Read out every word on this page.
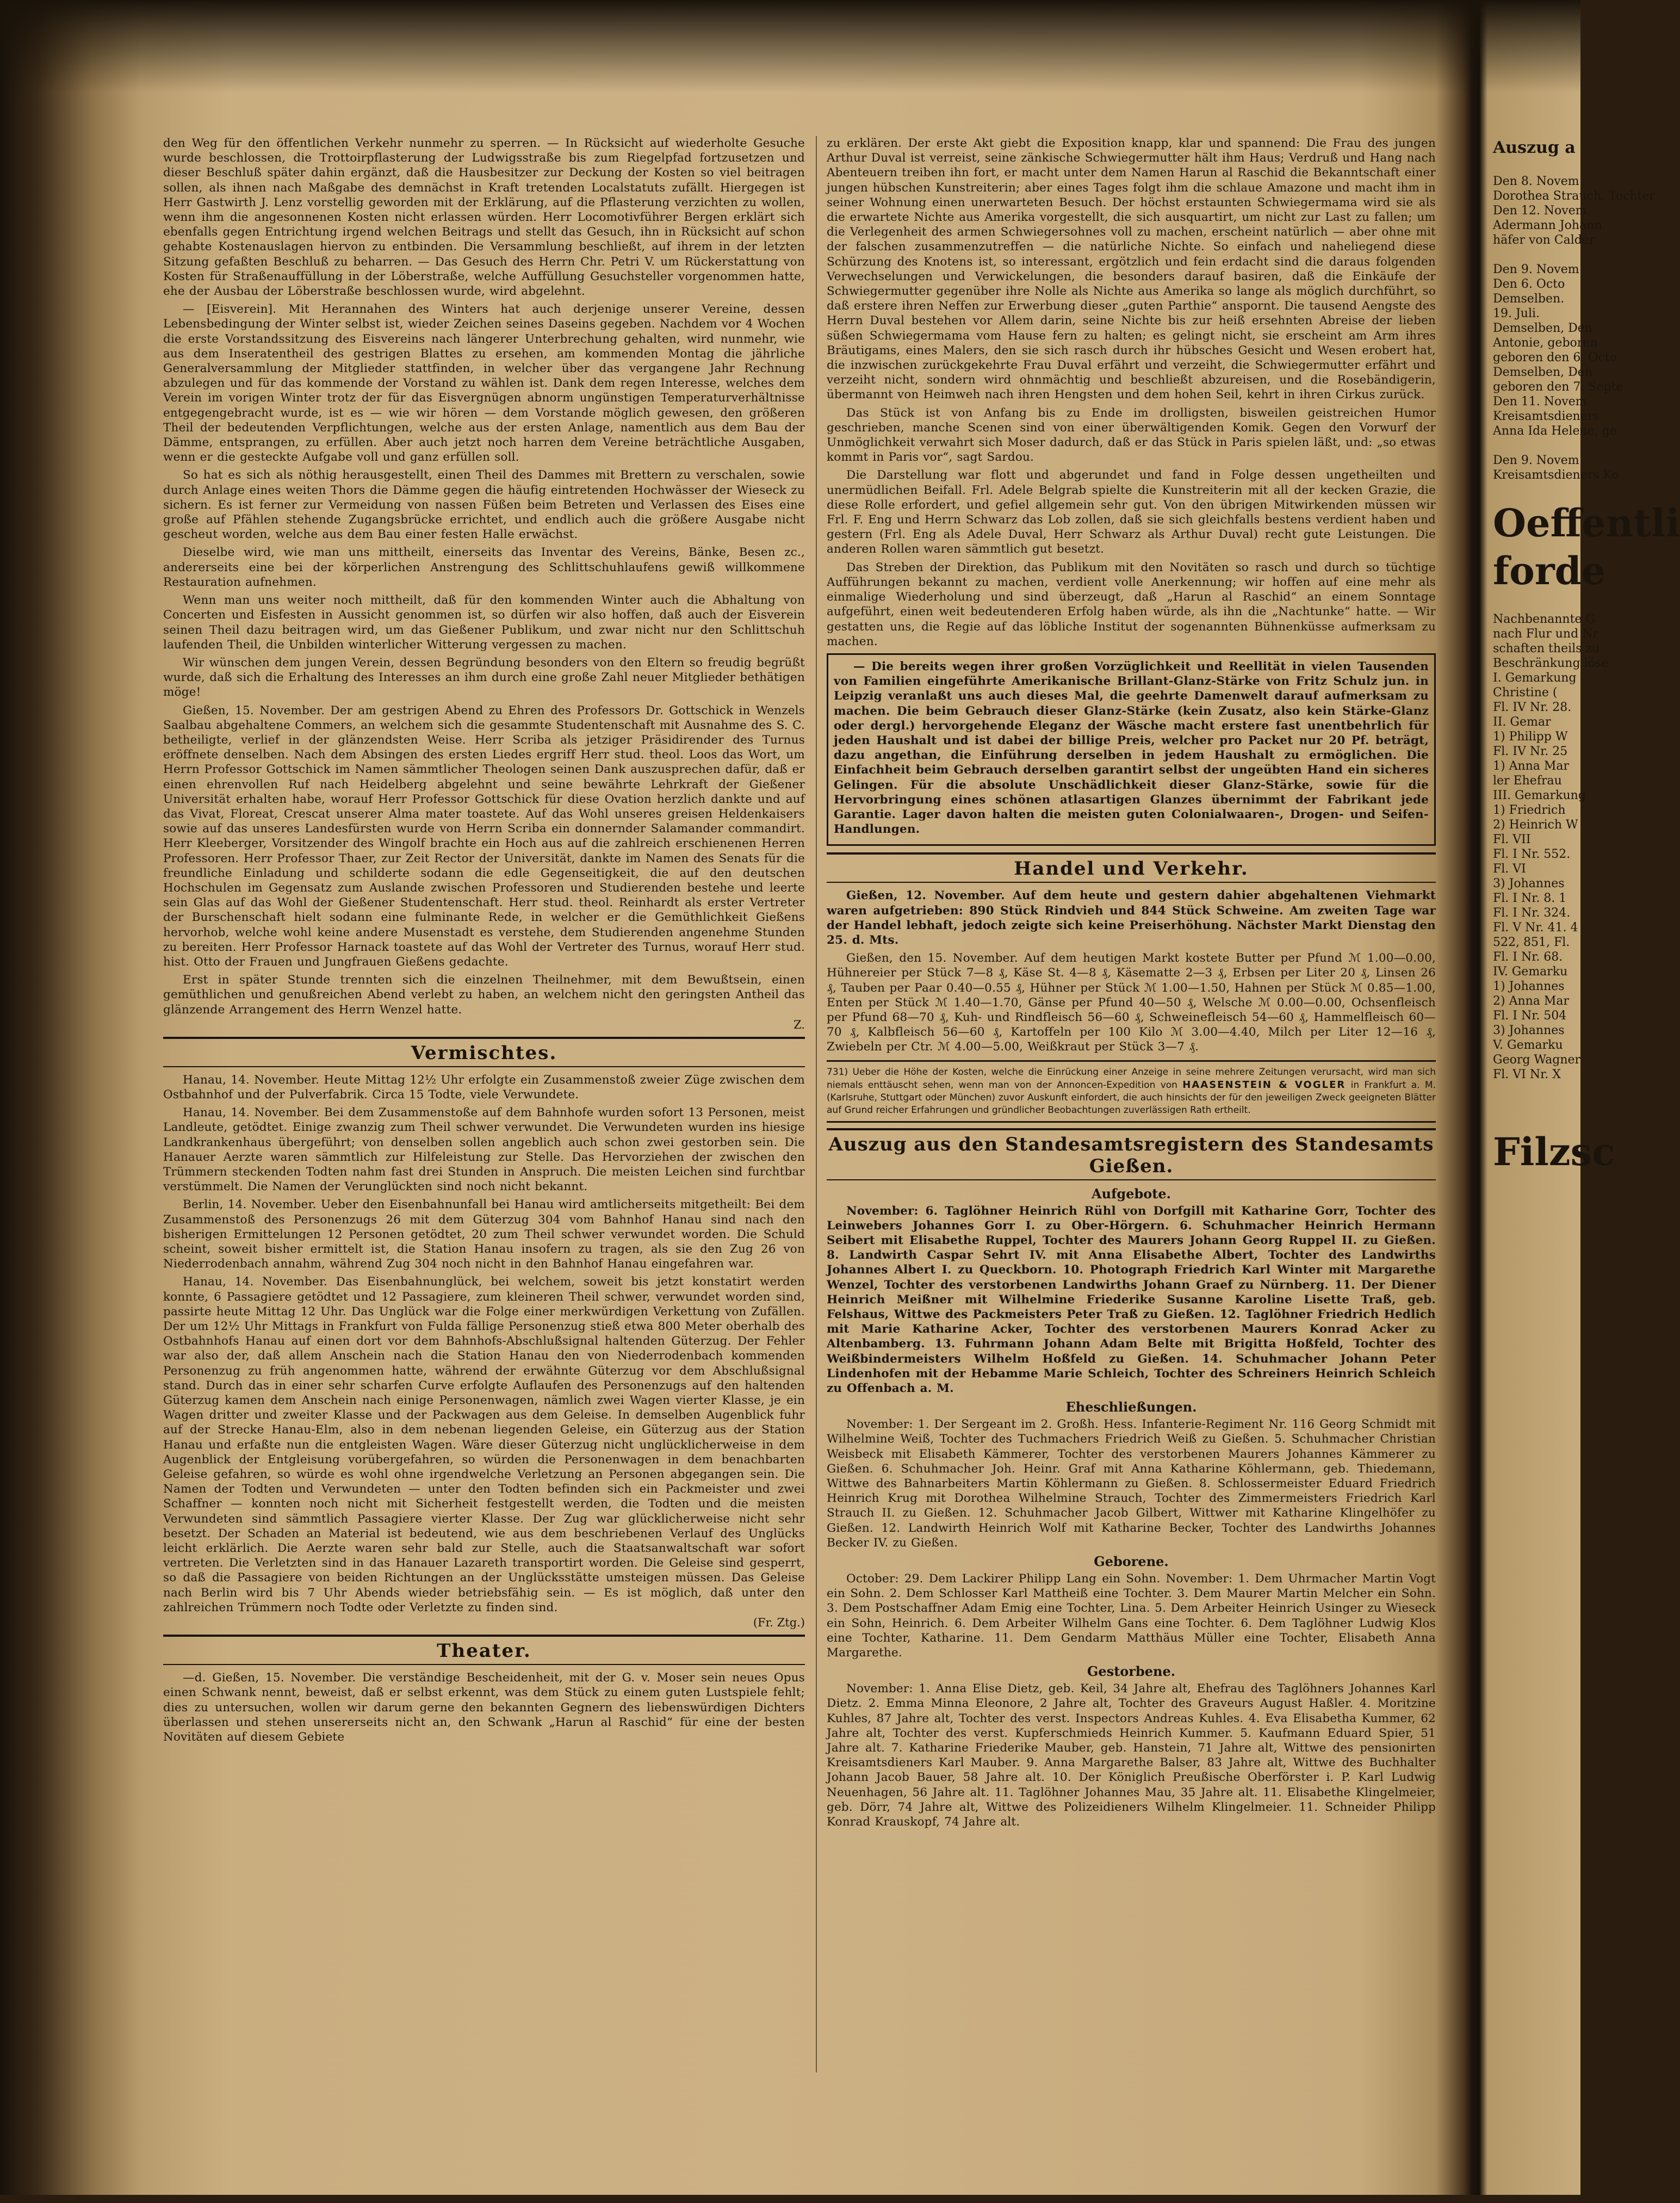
den Weg für den öffentlichen Verkehr nunmehr zu sperren. — In Rücksicht auf wiederholte Gesuche wurde beschlossen, die Trottoirpflasterung der Ludwigsstraße bis zum Riegelpfad fortzusetzen und dieser Beschluß später dahin ergänzt, daß die Hausbesitzer zur Deckung der Kosten so viel beitragen sollen, als ihnen nach Maßgabe des demnächst in Kraft tretenden Localstatuts zufällt. Hiergegen ist Herr Gastwirth J. Lenz vorstellig geworden mit der Erklärung, auf die Pflasterung verzichten zu wollen, wenn ihm die angesonnenen Kosten nicht erlassen würden. Herr Locomotivführer Bergen erklärt sich ebenfalls gegen Entrichtung irgend welchen Beitrags und stellt das Gesuch, ihn in Rücksicht auf schon gehabte Kostenauslagen hiervon zu entbinden. Die Versammlung beschließt, auf ihrem in der letzten Sitzung gefaßten Beschluß zu beharren. — Das Gesuch des Herrn Chr. Petri V. um Rückerstattung von Kosten für Straßenauffüllung in der Löberstraße, welche Auffüllung Gesuchsteller vorgenommen hatte, ehe der Ausbau der Löberstraße beschlossen wurde, wird abgelehnt.

— [Eisverein]. Mit Herannahen des Winters hat auch derjenige unserer Vereine, dessen Lebensbedingung der Winter selbst ist, wieder Zeichen seines Daseins gegeben. Nachdem vor 4 Wochen die erste Vorstandssitzung des Eisvereins nach längerer Unterbrechung gehalten, wird nunmehr, wie aus dem Inseratentheil des gestrigen Blattes zu ersehen, am kommenden Montag die jährliche Generalversammlung der Mitglieder stattfinden, in welcher über das vergangene Jahr Rechnung abzulegen und für das kommende der Vorstand zu wählen ist. Dank dem regen Interesse, welches dem Verein im vorigen Winter trotz der für das Eisvergnügen abnorm ungünstigen Temperaturverhältnisse entgegengebracht wurde, ist es — wie wir hören — dem Vorstande möglich gewesen, den größeren Theil der bedeutenden Verpflichtungen, welche aus der ersten Anlage, namentlich aus dem Bau der Dämme, entsprangen, zu erfüllen. Aber auch jetzt noch harren dem Vereine beträchtliche Ausgaben, wenn er die gesteckte Aufgabe voll und ganz erfüllen soll.

So hat es sich als nöthig herausgestellt, einen Theil des Dammes mit Brettern zu verschalen, sowie durch Anlage eines weiten Thors die Dämme gegen die häufig eintretenden Hochwässer der Wieseck zu sichern. Es ist ferner zur Vermeidung von nassen Füßen beim Betreten und Verlassen des Eises eine große auf Pfählen stehende Zugangsbrücke errichtet, und endlich auch die größere Ausgabe nicht gescheut worden, welche aus dem Bau einer festen Halle erwächst.

Dieselbe wird, wie man uns mittheilt, einerseits das Inventar des Vereins, Bänke, Besen zc., andererseits eine bei der körperlichen Anstrengung des Schlittschuhlaufens gewiß willkommene Restauration aufnehmen.

Wenn man uns weiter noch mittheilt, daß für den kommenden Winter auch die Abhaltung von Concerten und Eisfesten in Aussicht genommen ist, so dürfen wir also hoffen, daß auch der Eisverein seinen Theil dazu beitragen wird, um das Gießener Publikum, und zwar nicht nur den Schlittschuh laufenden Theil, die Unbilden winterlicher Witterung vergessen zu machen.

Wir wünschen dem jungen Verein, dessen Begründung besonders von den Eltern so freudig begrüßt wurde, daß sich die Erhaltung des Interesses an ihm durch eine große Zahl neuer Mitglieder bethätigen möge!

Gießen, 15. November. Der am gestrigen Abend zu Ehren des Professors Dr. Gottschick in Wenzels Saalbau abgehaltene Commers, an welchem sich die gesammte Studentenschaft mit Ausnahme des S. C. betheiligte, verlief in der glänzendsten Weise. Herr Scriba als jetziger Präsidirender des Turnus eröffnete denselben. Nach dem Absingen des ersten Liedes ergriff Herr stud. theol. Loos das Wort, um Herrn Professor Gottschick im Namen sämmtlicher Theologen seinen Dank auszusprechen dafür, daß er einen ehrenvollen Ruf nach Heidelberg abgelehnt und seine bewährte Lehrkraft der Gießener Universität erhalten habe, worauf Herr Professor Gottschick für diese Ovation herzlich dankte und auf das Vivat, Floreat, Crescat unserer Alma mater toastete. Auf das Wohl unseres greisen Heldenkaisers sowie auf das unseres Landesfürsten wurde von Herrn Scriba ein donnernder Salamander commandirt. Herr Kleeberger, Vorsitzender des Wingolf brachte ein Hoch aus auf die zahlreich erschienenen Herren Professoren. Herr Professor Thaer, zur Zeit Rector der Universität, dankte im Namen des Senats für die freundliche Einladung und schilderte sodann die edle Gegenseitigkeit, die auf den deutschen Hochschulen im Gegensatz zum Auslande zwischen Professoren und Studierenden bestehe und leerte sein Glas auf das Wohl der Gießener Studentenschaft. Herr stud. theol. Reinhardt als erster Vertreter der Burschenschaft hielt sodann eine fulminante Rede, in welcher er die Gemüthlichkeit Gießens hervorhob, welche wohl keine andere Musenstadt es verstehe, dem Studierenden angenehme Stunden zu bereiten. Herr Professor Harnack toastete auf das Wohl der Vertreter des Turnus, worauf Herr stud. hist. Otto der Frauen und Jungfrauen Gießens gedachte.

Erst in später Stunde trennten sich die einzelnen Theilnehmer, mit dem Bewußtsein, einen gemüthlichen und genußreichen Abend verlebt zu haben, an welchem nicht den geringsten Antheil das glänzende Arrangement des Herrn Wenzel hatte.

Z.
Vermischtes.

Hanau, 14. November. Heute Mittag 12½ Uhr erfolgte ein Zusammenstoß zweier Züge zwischen dem Ostbahnhof und der Pulverfabrik. Circa 15 Todte, viele Verwundete.

Hanau, 14. November. Bei dem Zusammenstoße auf dem Bahnhofe wurden sofort 13 Personen, meist Landleute, getödtet. Einige zwanzig zum Theil schwer verwundet. Die Verwundeten wurden ins hiesige Landkrankenhaus übergeführt; von denselben sollen angeblich auch schon zwei gestorben sein. Die Hanauer Aerzte waren sämmtlich zur Hilfeleistung zur Stelle. Das Hervorziehen der zwischen den Trümmern steckenden Todten nahm fast drei Stunden in Anspruch. Die meisten Leichen sind furchtbar verstümmelt. Die Namen der Verunglückten sind noch nicht bekannt.

Berlin, 14. November. Ueber den Eisenbahnunfall bei Hanau wird amtlicherseits mitgetheilt: Bei dem Zusammenstoß des Personenzugs 26 mit dem Güterzug 304 vom Bahnhof Hanau sind nach den bisherigen Ermittelungen 12 Personen getödtet, 20 zum Theil schwer verwundet worden. Die Schuld scheint, soweit bisher ermittelt ist, die Station Hanau insofern zu tragen, als sie den Zug 26 von Niederrodenbach annahm, während Zug 304 noch nicht in den Bahnhof Hanau eingefahren war.

Hanau, 14. November. Das Eisenbahnunglück, bei welchem, soweit bis jetzt konstatirt werden konnte, 6 Passagiere getödtet und 12 Passagiere, zum kleineren Theil schwer, verwundet worden sind, passirte heute Mittag 12 Uhr. Das Unglück war die Folge einer merkwürdigen Verkettung von Zufällen. Der um 12½ Uhr Mittags in Frankfurt von Fulda fällige Personenzug stieß etwa 800 Meter oberhalb des Ostbahnhofs Hanau auf einen dort vor dem Bahnhofs-Abschlußsignal haltenden Güterzug. Der Fehler war also der, daß allem Anschein nach die Station Hanau den von Niederrodenbach kommenden Personenzug zu früh angenommen hatte, während der erwähnte Güterzug vor dem Abschlußsignal stand. Durch das in einer sehr scharfen Curve erfolgte Auflaufen des Personenzugs auf den haltenden Güterzug kamen dem Anschein nach einige Personenwagen, nämlich zwei Wagen vierter Klasse, je ein Wagen dritter und zweiter Klasse und der Packwagen aus dem Geleise. In demselben Augenblick fuhr auf der Strecke Hanau-Elm, also in dem nebenan liegenden Geleise, ein Güterzug aus der Station Hanau und erfaßte nun die entgleisten Wagen. Wäre dieser Güterzug nicht unglücklicherweise in dem Augenblick der Entgleisung vorübergefahren, so würden die Personenwagen in dem benachbarten Geleise gefahren, so würde es wohl ohne irgendwelche Verletzung an Personen abgegangen sein. Die Namen der Todten und Verwundeten — unter den Todten befinden sich ein Packmeister und zwei Schaffner — konnten noch nicht mit Sicherheit festgestellt werden, die Todten und die meisten Verwundeten sind sämmtlich Passagiere vierter Klasse. Der Zug war glücklicherweise nicht sehr besetzt. Der Schaden an Material ist bedeutend, wie aus dem beschriebenen Verlauf des Unglücks leicht erklärlich. Die Aerzte waren sehr bald zur Stelle, auch die Staatsanwaltschaft war sofort vertreten. Die Verletzten sind in das Hanauer Lazareth transportirt worden. Die Geleise sind gesperrt, so daß die Passagiere von beiden Richtungen an der Unglücksstätte umsteigen müssen. Das Geleise nach Berlin wird bis 7 Uhr Abends wieder betriebsfähig sein. — Es ist möglich, daß unter den zahlreichen Trümmern noch Todte oder Verletzte zu finden sind.

(Fr. Ztg.)
Theater.

—d. Gießen, 15. November. Die verständige Bescheidenheit, mit der G. v. Moser sein neues Opus einen Schwank nennt, beweist, daß er selbst erkennt, was dem Stück zu einem guten Lustspiele fehlt; dies zu untersuchen, wollen wir darum gerne den bekannten Gegnern des liebenswürdigen Dichters überlassen und stehen unsererseits nicht an, den Schwank „Harun al Raschid“ für eine der besten Novitäten auf diesem Gebiete

zu erklären. Der erste Akt giebt die Exposition knapp, klar und spannend: Die Frau des jungen Arthur Duval ist verreist, seine zänkische Schwiegermutter hält ihm Haus; Verdruß und Hang nach Abenteuern treiben ihn fort, er macht unter dem Namen Harun al Raschid die Bekanntschaft einer jungen hübschen Kunstreiterin; aber eines Tages folgt ihm die schlaue Amazone und macht ihm in seiner Wohnung einen unerwarteten Besuch. Der höchst erstaunten Schwiegermama wird sie als die erwartete Nichte aus Amerika vorgestellt, die sich ausquartirt, um nicht zur Last zu fallen; um die Verlegenheit des armen Schwiegersohnes voll zu machen, erscheint natürlich — aber ohne mit der falschen zusammenzutreffen — die natürliche Nichte. So einfach und naheliegend diese Schürzung des Knotens ist, so interessant, ergötzlich und fein erdacht sind die daraus folgenden Verwechselungen und Verwickelungen, die besonders darauf basiren, daß die Einkäufe der Schwiegermutter gegenüber ihre Nolle als Nichte aus Amerika so lange als möglich durchführt, so daß erstere ihren Neffen zur Erwerbung dieser „guten Parthie“ anspornt. Die tausend Aengste des Herrn Duval bestehen vor Allem darin, seine Nichte bis zur heiß ersehnten Abreise der lieben süßen Schwiegermama vom Hause fern zu halten; es gelingt nicht, sie erscheint am Arm ihres Bräutigams, eines Malers, den sie sich rasch durch ihr hübsches Gesicht und Wesen erobert hat, die inzwischen zurückgekehrte Frau Duval erfährt und verzeiht, die Schwiegermutter erfährt und verzeiht nicht, sondern wird ohnmächtig und beschließt abzureisen, und die Rosebändigerin, übermannt von Heimweh nach ihren Hengsten und dem hohen Seil, kehrt in ihren Cirkus zurück.

Das Stück ist von Anfang bis zu Ende im drolligsten, bisweilen geistreichen Humor geschrieben, manche Scenen sind von einer überwältigenden Komik. Gegen den Vorwurf der Unmöglichkeit verwahrt sich Moser dadurch, daß er das Stück in Paris spielen läßt, und: „so etwas kommt in Paris vor“, sagt Sardou.

Die Darstellung war flott und abgerundet und fand in Folge dessen ungetheilten und unermüdlichen Beifall. Frl. Adele Belgrab spielte die Kunstreiterin mit all der kecken Grazie, die diese Rolle erfordert, und gefiel allgemein sehr gut. Von den übrigen Mitwirkenden müssen wir Frl. F. Eng und Herrn Schwarz das Lob zollen, daß sie sich gleichfalls bestens verdient haben und gestern (Frl. Eng als Adele Duval, Herr Schwarz als Arthur Duval) recht gute Leistungen. Die anderen Rollen waren sämmtlich gut besetzt.

Das Streben der Direktion, das Publikum mit den Novitäten so rasch und durch so tüchtige Aufführungen bekannt zu machen, verdient volle Anerkennung; wir hoffen auf eine mehr als einmalige Wiederholung und sind überzeugt, daß „Harun al Raschid“ an einem Sonntage aufgeführt, einen weit bedeutenderen Erfolg haben würde, als ihn die „Nachtunke“ hatte. — Wir gestatten uns, die Regie auf das löbliche Institut der sogenannten Bühnenküsse aufmerksam zu machen.

— Die bereits wegen ihrer großen Vorzüglichkeit und Reellität in vielen Tausenden von Familien eingeführte Amerikanische Brillant-Glanz-Stärke von Fritz Schulz jun. in Leipzig veranlaßt uns auch dieses Mal, die geehrte Damenwelt darauf aufmerksam zu machen. Die beim Gebrauch dieser Glanz-Stärke (kein Zusatz, also kein Stärke-Glanz oder dergl.) hervorgehende Eleganz der Wäsche macht erstere fast unentbehrlich für jeden Haushalt und ist dabei der billige Preis, welcher pro Packet nur 20 Pf. beträgt, dazu angethan, die Einführung derselben in jedem Haushalt zu ermöglichen. Die Einfachheit beim Gebrauch derselben garantirt selbst der ungeübten Hand ein sicheres Gelingen. Für die absolute Unschädlichkeit dieser Glanz-Stärke, sowie für die Hervorbringung eines schönen atlasartigen Glanzes übernimmt der Fabrikant jede Garantie. Lager davon halten die meisten guten Colonialwaaren-, Drogen- und Seifen-Handlungen.

Handel und Verkehr.

Gießen, 12. November. Auf dem heute und gestern dahier abgehaltenen Viehmarkt waren aufgetrieben: 890 Stück Rindvieh und 844 Stück Schweine. Am zweiten Tage war der Handel lebhaft, jedoch zeigte sich keine Preiserhöhung. Nächster Markt Dienstag den 25. d. Mts.

Gießen, den 15. November. Auf dem heutigen Markt kostete Butter per Pfund ℳ 1.00—0.00, Hühnereier per Stück 7—8 ₰, Käse St. 4—8 ₰, Käsematte 2—3 ₰, Erbsen per Liter 20 ₰, Linsen 26 ₰, Tauben per Paar 0.40—0.55 ₰, Hühner per Stück ℳ 1.00—1.50, Hahnen per Stück ℳ 0.85—1.00, Enten per Stück ℳ 1.40—1.70, Gänse per Pfund 40—50 ₰, Welsche ℳ 0.00—0.00, Ochsenfleisch per Pfund 68—70 ₰, Kuh- und Rindfleisch 56—60 ₰, Schweinefleisch 54—60 ₰, Hammelfleisch 60—70 ₰, Kalbfleisch 56—60 ₰, Kartoffeln per 100 Kilo ℳ 3.00—4.40, Milch per Liter 12—16 ₰, Zwiebeln per Ctr. ℳ 4.00—5.00, Weißkraut per Stück 3—7 ₰.

731) Ueber die Höhe der Kosten, welche die Einrückung einer Anzeige in seine mehrere Zeitungen verursacht, wird man sich niemals enttäuscht sehen, wenn man von der Annoncen-Expedition von HAASENSTEIN & VOGLER in Frankfurt a. M. (Karlsruhe, Stuttgart oder München) zuvor Auskunft einfordert, die auch hinsichts der für den jeweiligen Zweck geeigneten Blätter auf Grund reicher Erfahrungen und gründlicher Beobachtungen zuverlässigen Rath ertheilt.
Auszug aus den Standesamtsregistern des Standesamts Gießen.
Aufgebote.

November: 6. Taglöhner Heinrich Rühl von Dorfgill mit Katharine Gorr, Tochter des Leinwebers Johannes Gorr I. zu Ober-Hörgern. 6. Schuhmacher Heinrich Hermann Seibert mit Elisabethe Ruppel, Tochter des Maurers Johann Georg Ruppel II. zu Gießen. 8. Landwirth Caspar Sehrt IV. mit Anna Elisabethe Albert, Tochter des Landwirths Johannes Albert I. zu Queckborn. 10. Photograph Friedrich Karl Winter mit Margarethe Wenzel, Tochter des verstorbenen Landwirths Johann Graef zu Nürnberg. 11. Der Diener Heinrich Meißner mit Wilhelmine Friederike Susanne Karoline Lisette Traß, geb. Felshaus, Wittwe des Packmeisters Peter Traß zu Gießen. 12. Taglöhner Friedrich Hedlich mit Marie Katharine Acker, Tochter des verstorbenen Maurers Konrad Acker zu Altenbamberg. 13. Fuhrmann Johann Adam Belte mit Brigitta Hoßfeld, Tochter des Weißbindermeisters Wilhelm Hoßfeld zu Gießen. 14. Schuhmacher Johann Peter Lindenhofen mit der Hebamme Marie Schleich, Tochter des Schreiners Heinrich Schleich zu Offenbach a. M.

Eheschließungen.

November: 1. Der Sergeant im 2. Großh. Hess. Infanterie-Regiment Nr. 116 Georg Schmidt mit Wilhelmine Weiß, Tochter des Tuchmachers Friedrich Weiß zu Gießen. 5. Schuhmacher Christian Weisbeck mit Elisabeth Kämmerer, Tochter des verstorbenen Maurers Johannes Kämmerer zu Gießen. 6. Schuhmacher Joh. Heinr. Graf mit Anna Katharine Köhlermann, geb. Thiedemann, Wittwe des Bahnarbeiters Martin Köhlermann zu Gießen. 8. Schlossermeister Eduard Friedrich Heinrich Krug mit Dorothea Wilhelmine Strauch, Tochter des Zimmermeisters Friedrich Karl Strauch II. zu Gießen. 12. Schuhmacher Jacob Gilbert, Wittwer mit Katharine Klingelhöfer zu Gießen. 12. Landwirth Heinrich Wolf mit Katharine Becker, Tochter des Landwirths Johannes Becker IV. zu Gießen.

Geborene.

October: 29. Dem Lackirer Philipp Lang ein Sohn. November: 1. Dem Uhrmacher Martin Vogt ein Sohn. 2. Dem Schlosser Karl Mattheiß eine Tochter. 3. Dem Maurer Martin Melcher ein Sohn. 3. Dem Postschaffner Adam Emig eine Tochter, Lina. 5. Dem Arbeiter Heinrich Usinger zu Wieseck ein Sohn, Heinrich. 6. Dem Arbeiter Wilhelm Gans eine Tochter. 6. Dem Taglöhner Ludwig Klos eine Tochter, Katharine. 11. Dem Gendarm Matthäus Müller eine Tochter, Elisabeth Anna Margarethe.

Gestorbene.

November: 1. Anna Elise Dietz, geb. Keil, 34 Jahre alt, Ehefrau des Taglöhners Johannes Karl Dietz. 2. Emma Minna Eleonore, 2 Jahre alt, Tochter des Graveurs August Haßler. 4. Moritzine Kuhles, 87 Jahre alt, Tochter des verst. Inspectors Andreas Kuhles. 4. Eva Elisabetha Kummer, 62 Jahre alt, Tochter des verst. Kupferschmieds Heinrich Kummer. 5. Kaufmann Eduard Spier, 51 Jahre alt. 7. Katharine Friederike Mauber, geb. Hanstein, 71 Jahre alt, Wittwe des pensionirten Kreisamtsdieners Karl Mauber. 9. Anna Margarethe Balser, 83 Jahre alt, Wittwe des Buchhalter Johann Jacob Bauer, 58 Jahre alt. 10. Der Königlich Preußische Oberförster i. P. Karl Ludwig Neuenhagen, 56 Jahre alt. 11. Taglöhner Johannes Mau, 35 Jahre alt. 11. Elisabethe Klingelmeier, geb. Dörr, 74 Jahre alt, Wittwe des Polizeidieners Wilhelm Klingelmeier. 11. Schneider Philipp Konrad Krauskopf, 74 Jahre alt.

Auszug a

Den 8. Novem
Dorothea Strauch, Tochter
Den 12. Novem
Adermann Johann
häfer von Calder

Den 9. Novem
Den 6. Octo
Demselben.
19. Juli.
Demselben, Den
Antonie, geboren
geboren den 6. Octo
Demselben, Den
geboren den 7. Septe
Den 11. Novem
Kreisamtsdieners
Anna Ida Helene, ge

Den 9. Novem
Kreisamtsdieners Ko

Oeffentli
forde

Nachbenannte G
nach Flur und Nr
schaften theils zu
Beschränkung löse
I. Gemarkung
Christine (
Fl. IV Nr. 28.
II. Gemar
1) Philipp W
Fl. IV Nr. 25
1) Anna Mar
ler Ehefrau
III. Gemarkung
1) Friedrich
2) Heinrich W
Fl. VII
Fl. I Nr. 552.
Fl. VI
3) Johannes
Fl. I Nr. 8. 1
Fl. I Nr. 324.
Fl. V Nr. 41. 4
522, 851, Fl.
Fl. I Nr. 68.
IV. Gemarku
1) Johannes
2) Anna Mar
Fl. I Nr. 504
3) Johannes
V. Gemarku
Georg Wagner
Fl. VI Nr. X

Filzsc
